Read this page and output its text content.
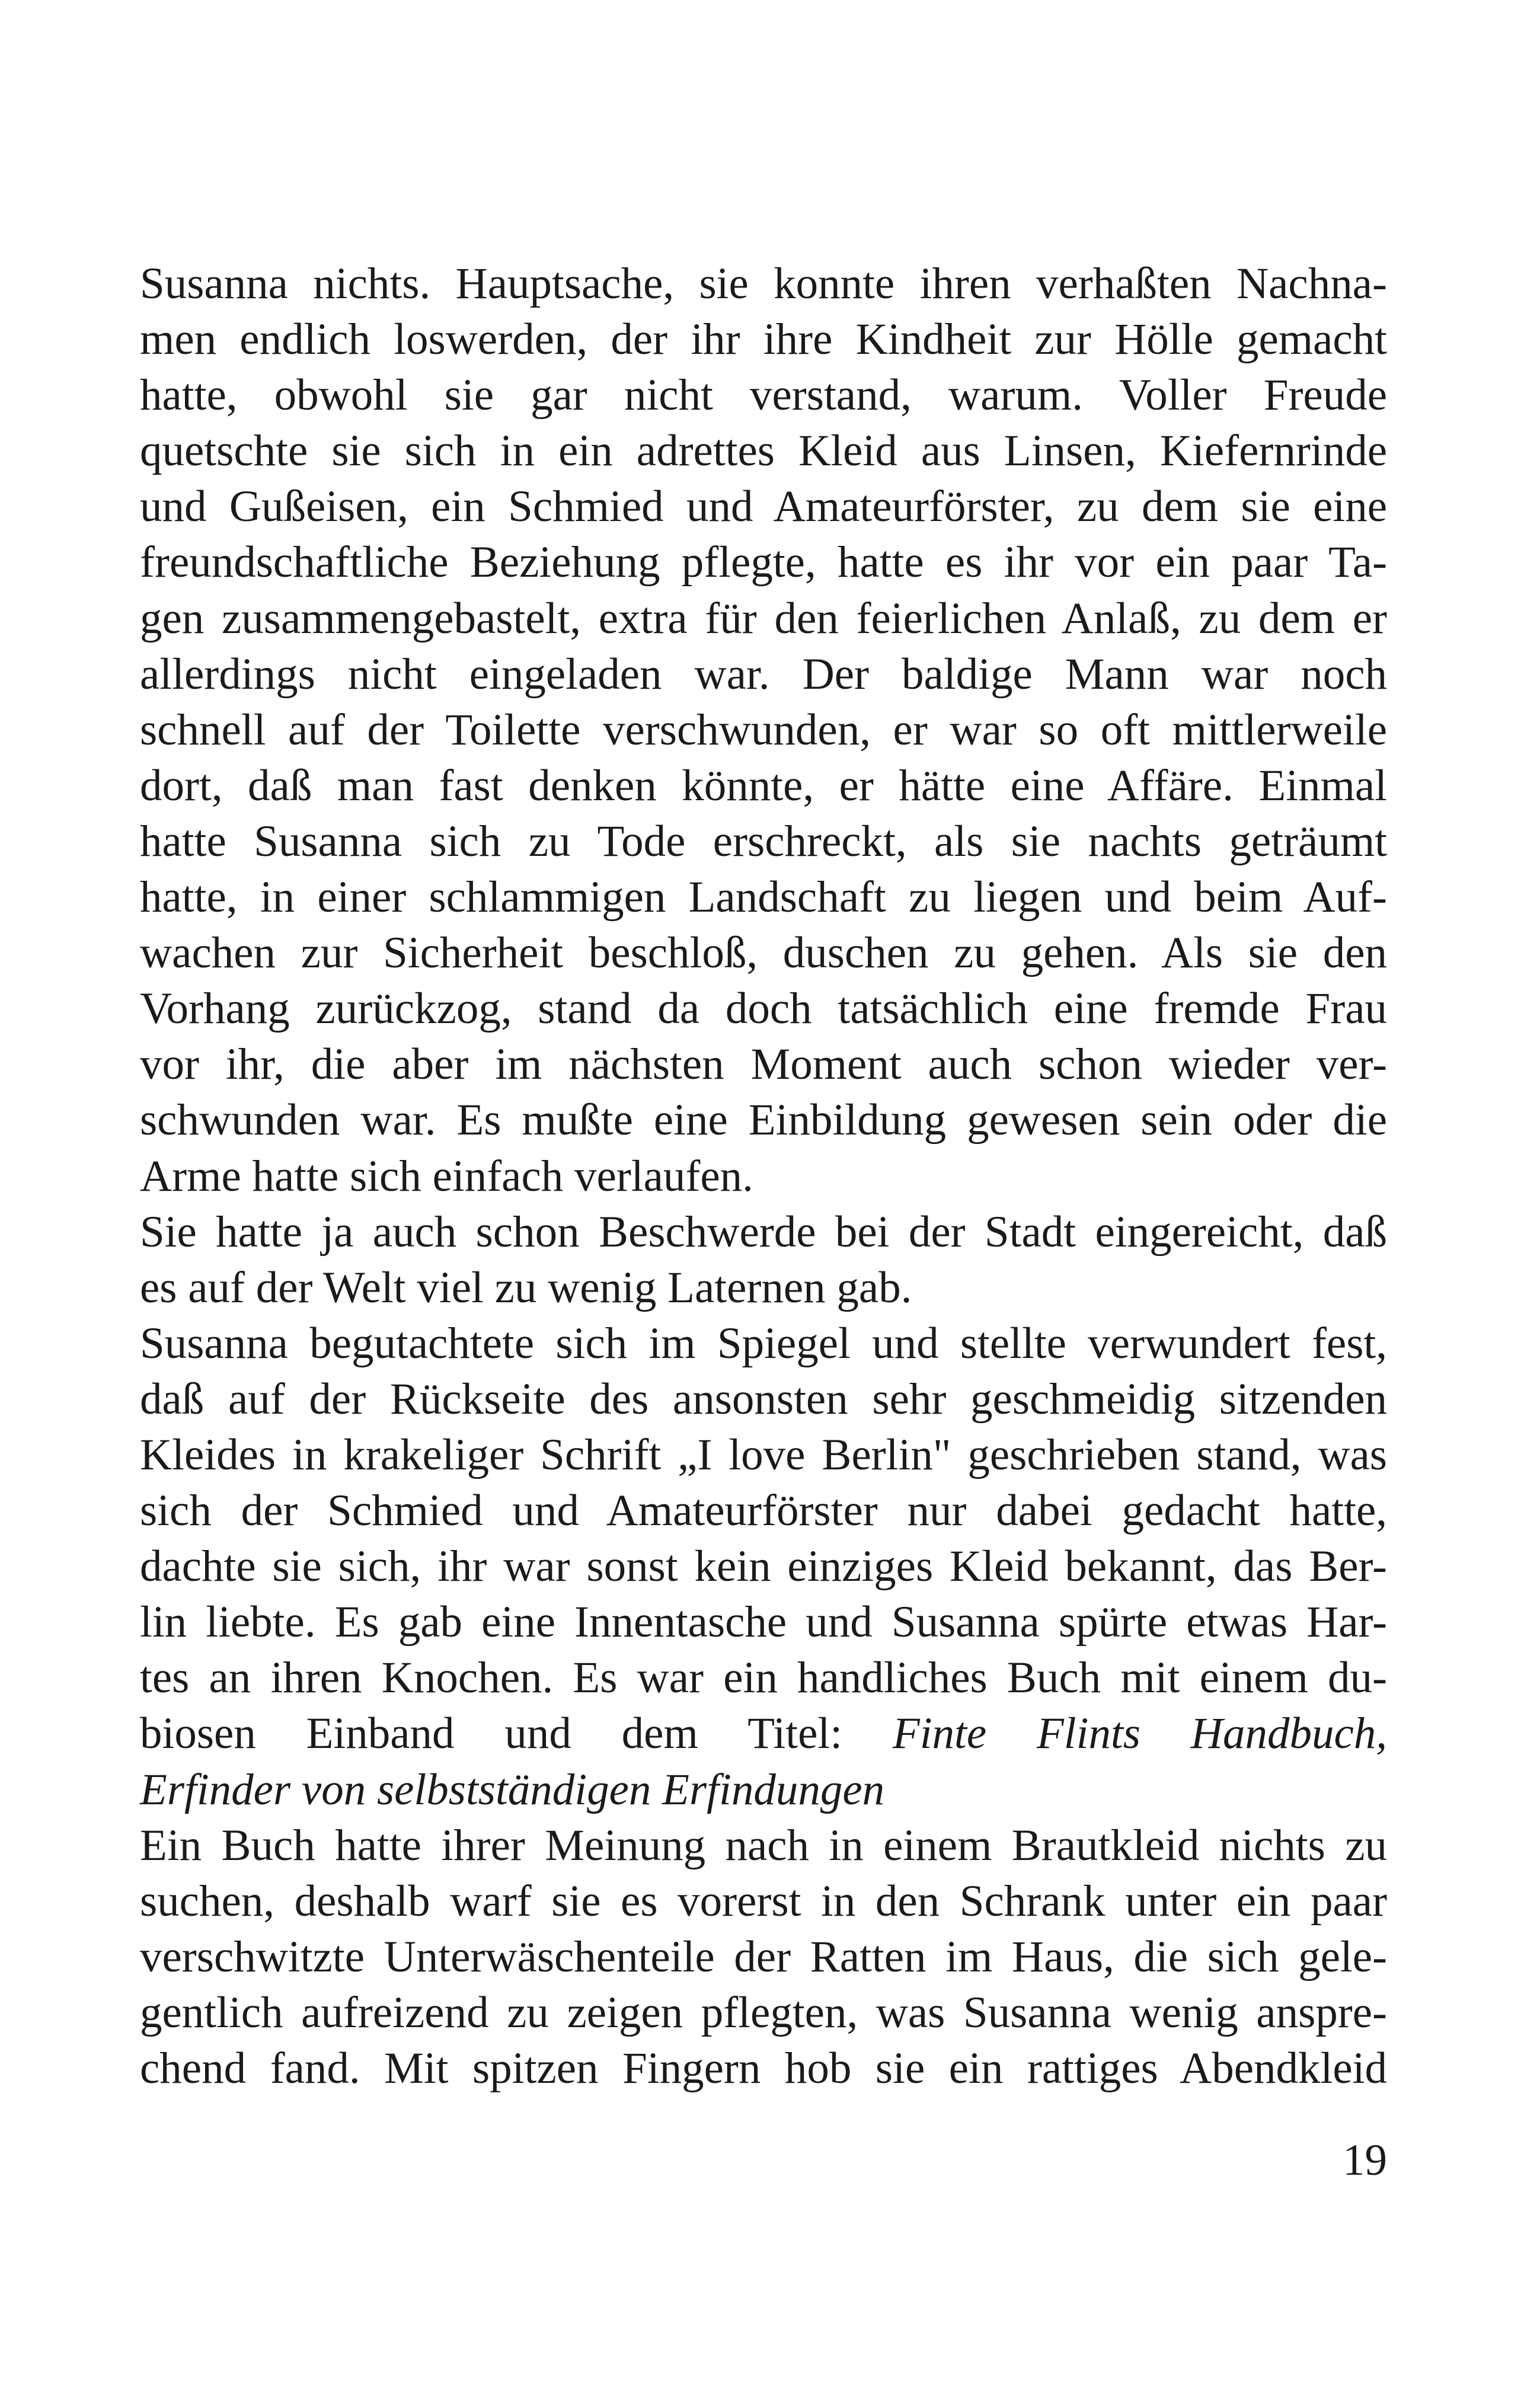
Susanna nichts. Hauptsache, sie konnte ihren verhaßten Nachna-
men endlich loswerden, der ihr ihre Kindheit zur Hölle gemacht
hatte, obwohl sie gar nicht verstand, warum. Voller Freude
quetschte sie sich in ein adrettes Kleid aus Linsen, Kiefernrinde
und Gußeisen, ein Schmied und Amateurförster, zu dem sie eine
freundschaftliche Beziehung pflegte, hatte es ihr vor ein paar Ta-
gen zusammengebastelt, extra für den feierlichen Anlaß, zu dem er
allerdings nicht eingeladen war. Der baldige Mann war noch
schnell auf der Toilette verschwunden, er war so oft mittlerweile
dort, daß man fast denken könnte, er hätte eine Affäre. Einmal
hatte Susanna sich zu Tode erschreckt, als sie nachts geträumt
hatte, in einer schlammigen Landschaft zu liegen und beim Auf-
wachen zur Sicherheit beschloß, duschen zu gehen. Als sie den
Vorhang zurückzog, stand da doch tatsächlich eine fremde Frau
vor ihr, die aber im nächsten Moment auch schon wieder ver-
schwunden war. Es mußte eine Einbildung gewesen sein oder die
Arme hatte sich einfach verlaufen.
Sie hatte ja auch schon Beschwerde bei der Stadt eingereicht, daß
es auf der Welt viel zu wenig Laternen gab.
Susanna begutachtete sich im Spiegel und stellte verwundert fest,
daß auf der Rückseite des ansonsten sehr geschmeidig sitzenden
Kleides in krakeliger Schrift „I love Berlin" geschrieben stand, was
sich der Schmied und Amateurförster nur dabei gedacht hatte,
dachte sie sich, ihr war sonst kein einziges Kleid bekannt, das Ber-
lin liebte. Es gab eine Innentasche und Susanna spürte etwas Har-
tes an ihren Knochen. Es war ein handliches Buch mit einem du-
biosen Einband und dem Titel: Finte Flints Handbuch,
Erfinder von selbstständigen Erfindungen
Ein Buch hatte ihrer Meinung nach in einem Brautkleid nichts zu
suchen, deshalb warf sie es vorerst in den Schrank unter ein paar
verschwitzte Unterwäschenteile der Ratten im Haus, die sich gele-
gentlich aufreizend zu zeigen pflegten, was Susanna wenig anspre-
chend fand. Mit spitzen Fingern hob sie ein rattiges Abendkleid
19
